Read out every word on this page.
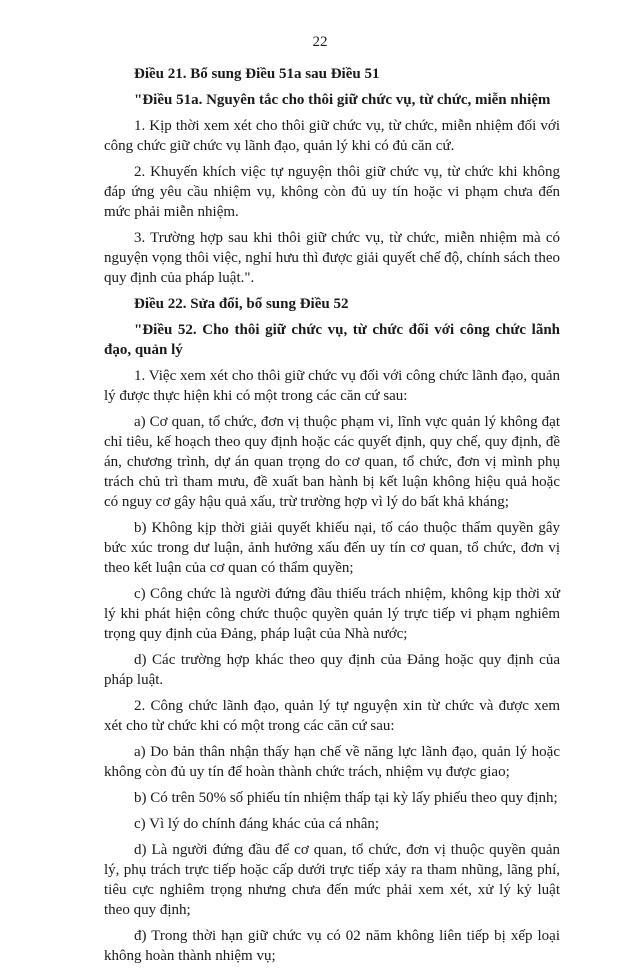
22

Điều 21. Bổ sung Điều 51a sau Điều 51

"Điều 51a. Nguyên tắc cho thôi giữ chức vụ, từ chức, miễn nhiệm

1. Kịp thời xem xét cho thôi giữ chức vụ, từ chức, miễn nhiệm đối với công chức giữ chức vụ lãnh đạo, quản lý khi có đủ căn cứ.

2. Khuyến khích việc tự nguyện thôi giữ chức vụ, từ chức khi không đáp ứng yêu cầu nhiệm vụ, không còn đủ uy tín hoặc vi phạm chưa đến mức phải miễn nhiệm.

3. Trường hợp sau khi thôi giữ chức vụ, từ chức, miễn nhiệm mà có nguyện vọng thôi việc, nghỉ hưu thì được giải quyết chế độ, chính sách theo quy định của pháp luật.".

Điều 22. Sửa đổi, bổ sung Điều 52

"Điều 52. Cho thôi giữ chức vụ, từ chức đối với công chức lãnh đạo, quản lý

1. Việc xem xét cho thôi giữ chức vụ đối với công chức lãnh đạo, quản lý được thực hiện khi có một trong các căn cứ sau:

a) Cơ quan, tổ chức, đơn vị thuộc phạm vi, lĩnh vực quản lý không đạt chỉ tiêu, kế hoạch theo quy định hoặc các quyết định, quy chế, quy định, đề án, chương trình, dự án quan trọng do cơ quan, tổ chức, đơn vị mình phụ trách chủ trì tham mưu, đề xuất ban hành bị kết luận không hiệu quả hoặc có nguy cơ gây hậu quả xấu, trừ trường hợp vì lý do bất khả kháng;

b) Không kịp thời giải quyết khiếu nại, tố cáo thuộc thẩm quyền gây bức xúc trong dư luận, ảnh hưởng xấu đến uy tín cơ quan, tổ chức, đơn vị theo kết luận của cơ quan có thẩm quyền;

c) Công chức là người đứng đầu thiếu trách nhiệm, không kịp thời xử lý khi phát hiện công chức thuộc quyền quản lý trực tiếp vi phạm nghiêm trọng quy định của Đảng, pháp luật của Nhà nước;

d) Các trường hợp khác theo quy định của Đảng hoặc quy định của pháp luật.

2. Công chức lãnh đạo, quản lý tự nguyện xin từ chức và được xem xét cho từ chức khi có một trong các căn cứ sau:

a) Do bản thân nhận thấy hạn chế về năng lực lãnh đạo, quản lý hoặc không còn đủ uy tín để hoàn thành chức trách, nhiệm vụ được giao;

b) Có trên 50% số phiếu tín nhiệm thấp tại kỳ lấy phiếu theo quy định;

c) Vì lý do chính đáng khác của cá nhân;

d) Là người đứng đầu để cơ quan, tổ chức, đơn vị thuộc quyền quản lý, phụ trách trực tiếp hoặc cấp dưới trực tiếp xảy ra tham nhũng, lãng phí, tiêu cực nghiêm trọng nhưng chưa đến mức phải xem xét, xử lý kỷ luật theo quy định;

đ) Trong thời hạn giữ chức vụ có 02 năm không liên tiếp bị xếp loại không hoàn thành nhiệm vụ;
